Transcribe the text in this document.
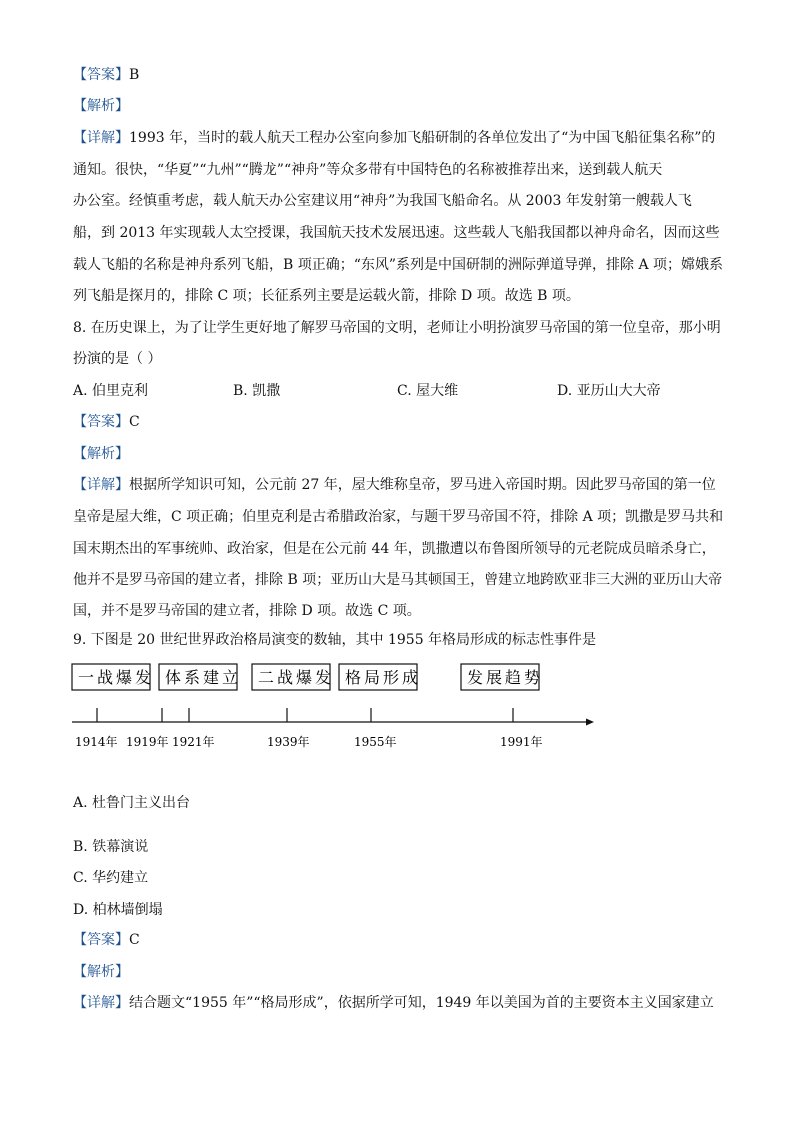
【答案】B
【解析】
【详解】1993 年，当时的载人航天工程办公室向参加飞船研制的各单位发出了“为中国飞船征集名称”的
通知。很快，“华夏”“九州”“腾龙”“神舟”等众多带有中国特色的名称被推荐出来，送到载人航天
办公室。经慎重考虑，载人航天办公室建议用“神舟”为我国飞船命名。从 2003 年发射第一艘载人飞
船，到 2013 年实现载人太空授课，我国航天技术发展迅速。这些载人飞船我国都以神舟命名，因而这些
载人飞船的名称是神舟系列飞船，B 项正确；“东风”系列是中国研制的洲际弹道导弹，排除 A 项；嫦娥系
列飞船是探月的，排除 C 项；长征系列主要是运载火箭，排除 D 项。故选 B 项。
8. 在历史课上，为了让学生更好地了解罗马帝国的文明，老师让小明扮演罗马帝国的第一位皇帝，那小明
扮演的是（ ）
A. 伯里克利	B. 凯撒	C. 屋大维	D. 亚历山大大帝
【答案】C
【解析】
【详解】根据所学知识可知，公元前 27 年，屋大维称皇帝，罗马进入帝国时期。因此罗马帝国的第一位
皇帝是屋大维，C 项正确；伯里克利是古希腊政治家，与题干罗马帝国不符，排除 A 项；凯撒是罗马共和
国末期杰出的军事统帅、政治家，但是在公元前 44 年，凯撒遭以布鲁图所领导的元老院成员暗杀身亡，
他并不是罗马帝国的建立者，排除 B 项；亚历山大是马其顿国王，曾建立地跨欧亚非三大洲的亚历山大帝
国，并不是罗马帝国的建立者，排除 D 项。故选 C 项。
9. 下图是 20 世纪世界政治格局演变的数轴，其中 1955 年格局形成的标志性事件是
一战爆发 体系建立 二战爆发 格局形成	发展趋势
1914年 1919年 1921年	1939年	1955年	1991年
A. 杜鲁门主义出台
B. 铁幕演说
C. 华约建立
D. 柏林墙倒塌
【答案】C
【解析】
【详解】结合题文“1955 年”“格局形成”，依据所学可知，1949 年以美国为首的主要资本主义国家建立
